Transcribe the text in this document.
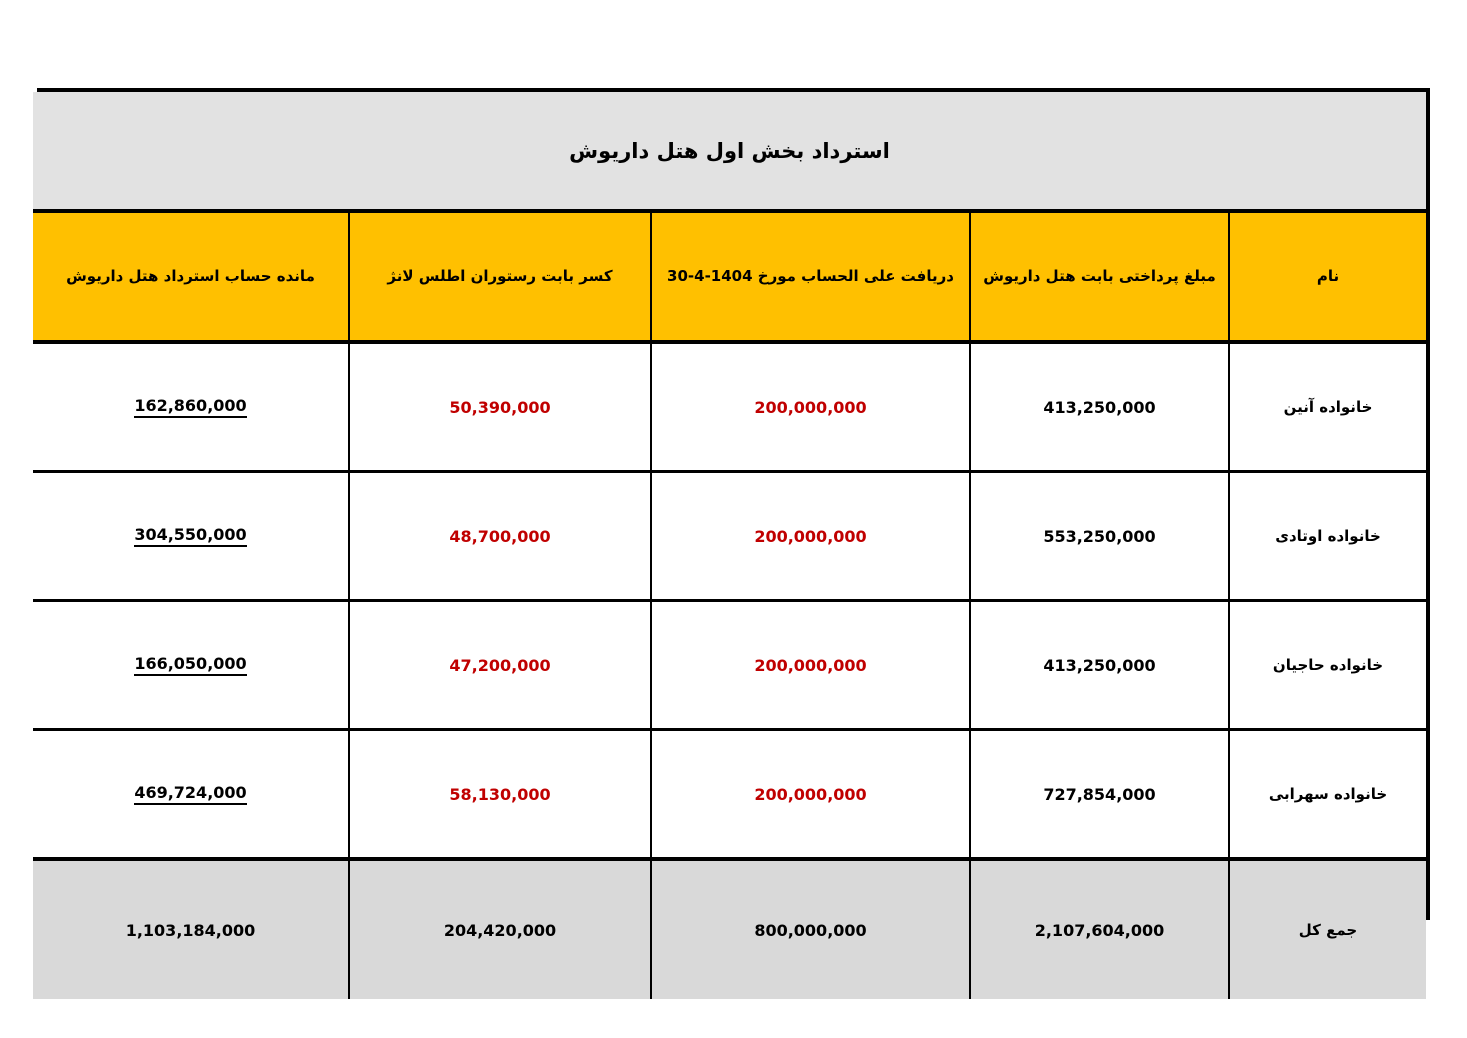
استرداد بخش اول هتل داریوش				
نام	مبلغ پرداختی بابت هتل داریوش	دریافت علی الحساب مورخ 1404-4-30	کسر بابت رستوران اطلس لانژ	مانده حساب استرداد هتل داریوش
خانواده آنین	413,250,000	200,000,000	50,390,000	162,860,000
خانواده اوتادی	553,250,000	200,000,000	48,700,000	304,550,000
خانواده حاجیان	413,250,000	200,000,000	47,200,000	166,050,000
خانواده سهرابی	727,854,000	200,000,000	58,130,000	469,724,000
جمع کل	2,107,604,000	800,000,000	204,420,000	1,103,184,000
